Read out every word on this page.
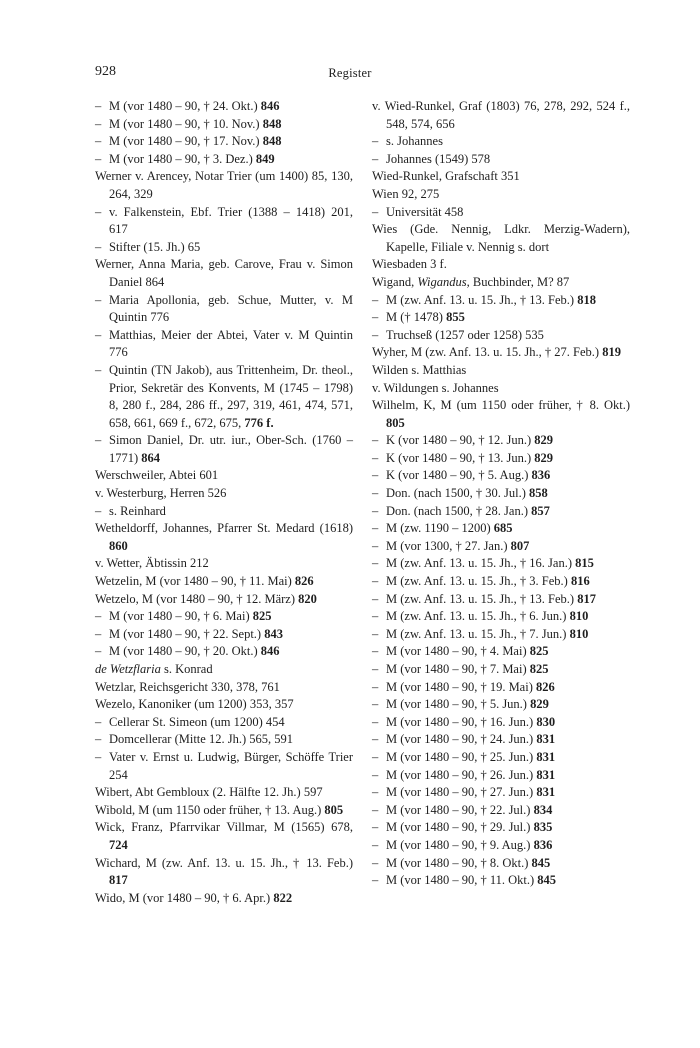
928	Register
– M (vor 1480 – 90, † 24. Okt.) 846
– M (vor 1480 – 90, † 10. Nov.) 848
– M (vor 1480 – 90, † 17. Nov.) 848
– M (vor 1480 – 90, † 3. Dez.) 849
Werner v. Arencey, Notar Trier (um 1400) 85, 130, 264, 329
– v. Falkenstein, Ebf. Trier (1388 – 1418) 201, 617
– Stifter (15. Jh.) 65
Werner, Anna Maria, geb. Carove, Frau v. Simon Daniel 864
– Maria Apollonia, geb. Schue, Mutter, v. M Quintin 776
– Matthias, Meier der Abtei, Vater v. M Quintin 776
– Quintin (TN Jakob), aus Trittenheim, Dr. theol., Prior, Sekretär des Konvents, M (1745 – 1798) 8, 280 f., 284, 286 ff., 297, 319, 461, 474, 571, 658, 661, 669 f., 672, 675, 776 f.
– Simon Daniel, Dr. utr. iur., Ober-Sch. (1760 – 1771) 864
Werschweiler, Abtei 601
v. Westerburg, Herren 526
– s. Reinhard
Wetheldorff, Johannes, Pfarrer St. Medard (1618) 860
v. Wetter, Äbtissin 212
Wetzelin, M (vor 1480 – 90, † 11. Mai) 826
Wetzelo, M (vor 1480 – 90, † 12. März) 820
– M (vor 1480 – 90, † 6. Mai) 825
– M (vor 1480 – 90, † 22. Sept.) 843
– M (vor 1480 – 90, † 20. Okt.) 846
de Wetzflaria s. Konrad
Wetzlar, Reichsgericht 330, 378, 761
Wezelo, Kanoniker (um 1200) 353, 357
– Cellerar St. Simeon (um 1200) 454
– Domcellerar (Mitte 12. Jh.) 565, 591
– Vater v. Ernst u. Ludwig, Bürger, Schöffe Trier 254
Wibert, Abt Gembloux (2. Hälfte 12. Jh.) 597
Wibold, M (um 1150 oder früher, † 13. Aug.) 805
Wick, Franz, Pfarrvikar Villmar, M (1565) 678, 724
Wichard, M (zw. Anf. 13. u. 15. Jh., † 13. Feb.) 817
Wido, M (vor 1480 – 90, † 6. Apr.) 822
v. Wied-Runkel, Graf (1803) 76, 278, 292, 524 f., 548, 574, 656
– s. Johannes
– Johannes (1549) 578
Wied-Runkel, Grafschaft 351
Wien 92, 275
– Universität 458
Wies (Gde. Nennig, Ldkr. Merzig-Wadern), Kapelle, Filiale v. Nennig s. dort
Wiesbaden 3 f.
Wigand, Wigandus, Buchbinder, M? 87
– M (zw. Anf. 13. u. 15. Jh., † 13. Feb.) 818
– M († 1478) 855
– Truchseß (1257 oder 1258) 535
Wyher, M (zw. Anf. 13. u. 15. Jh., † 27. Feb.) 819
Wilden s. Matthias
v. Wildungen s. Johannes
Wilhelm, K, M (um 1150 oder früher, † 8. Okt.) 805
– K (vor 1480 – 90, † 12. Jun.) 829
– K (vor 1480 – 90, † 13. Jun.) 829
– K (vor 1480 – 90, † 5. Aug.) 836
– Don. (nach 1500, † 30. Jul.) 858
– Don. (nach 1500, † 28. Jan.) 857
– M (zw. 1190 – 1200) 685
– M (vor 1300, † 27. Jan.) 807
– M (zw. Anf. 13. u. 15. Jh., † 16. Jan.) 815
– M (zw. Anf. 13. u. 15. Jh., † 3. Feb.) 816
– M (zw. Anf. 13. u. 15. Jh., † 13. Feb.) 817
– M (zw. Anf. 13. u. 15. Jh., † 6. Jun.) 810
– M (zw. Anf. 13. u. 15. Jh., † 7. Jun.) 810
– M (vor 1480 – 90, † 4. Mai) 825
– M (vor 1480 – 90, † 7. Mai) 825
– M (vor 1480 – 90, † 19. Mai) 826
– M (vor 1480 – 90, † 5. Jun.) 829
– M (vor 1480 – 90, † 16. Jun.) 830
– M (vor 1480 – 90, † 24. Jun.) 831
– M (vor 1480 – 90, † 25. Jun.) 831
– M (vor 1480 – 90, † 26. Jun.) 831
– M (vor 1480 – 90, † 27. Jun.) 831
– M (vor 1480 – 90, † 22. Jul.) 834
– M (vor 1480 – 90, † 29. Jul.) 835
– M (vor 1480 – 90, † 9. Aug.) 836
– M (vor 1480 – 90, † 8. Okt.) 845
– M (vor 1480 – 90, † 11. Okt.) 845
